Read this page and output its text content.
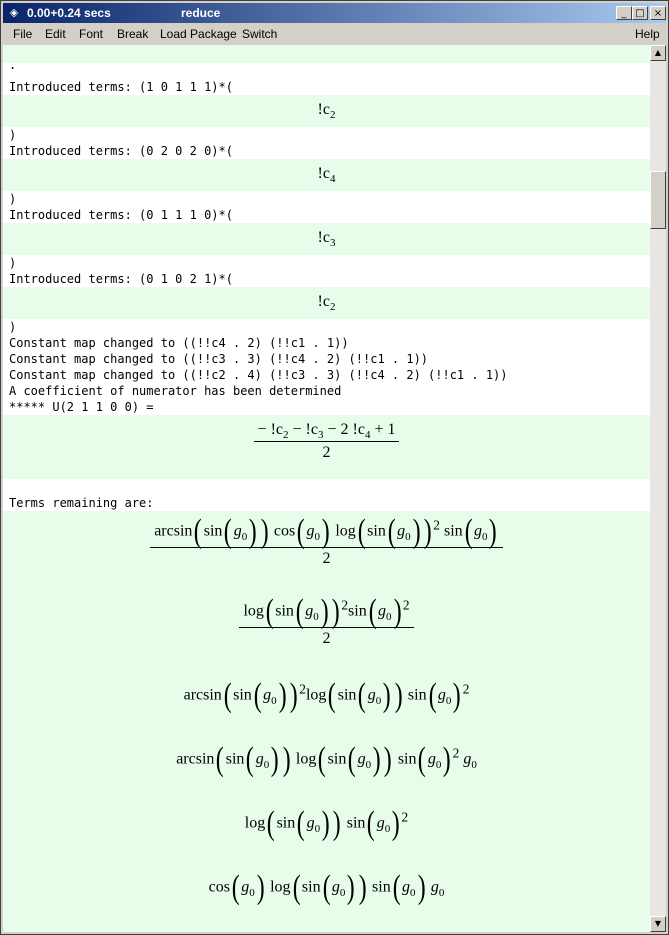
◈ 0.00+0.24 secs	reduce	_ □ ×
File Edit Font Break Load Package Switch	Help
.
Introduced terms: (1 0 1 1 1)*(
$!c_2$
)
Introduced terms: (0 2 0 2 0)*(
$!c_4$
)
Introduced terms: (0 1 1 1 0)*(
$!c_3$
)
Introduced terms: (0 1 0 2 1)*(
$!c_2$
)
Constant map changed to ((!!c4 . 2) (!!c1 . 1))
Constant map changed to ((!!c3 . 3) (!!c4 . 2) (!!c1 . 1))
Constant map changed to ((!!c2 . 4) (!!c3 . 3) (!!c4 . 2) (!!c1 . 1))
A coefficient of numerator has been determined
***** U(2 1 1 0 0) =
$\frac{- !c_2 - !c_3 - 2 !c_4 + 1}{2}$
Terms remaining are:
arcsin( sin( $g_0$)) cos( $g_0$) log( sin( $g_0$)) $^2$ sin( $g_0$)
2
$\frac{\log( \sin( g_0)) ^2\sin( g_0) ^2}{2}$
arcsin( sin( $g_0$)) $^2$log( sin( $g_0$)) sin( $g_0$) $^2$
arcsin( sin( $g_0$)) log( sin( $g_0$)) sin( $g_0$) $^2$ $g_0$
log( sin( $g_0$)) sin( $g_0$) $^2$
cos( $g_0$) log( sin( $g_0$)) sin( $g_0$) $g_0$
▲
▼
